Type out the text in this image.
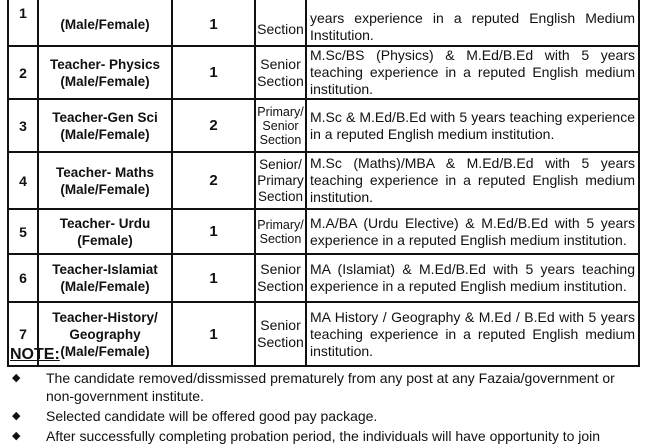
1	(Male/Female)	1	Section	years experience in a reputed English Medium Institution.
2	Teacher- Physics (Male/Female)	1	Senior Section	M.Sc/BS (Physics) & M.Ed/B.Ed with 5 years teaching experience in a reputed English medium institution.
3	Teacher-Gen Sci (Male/Female)	2	Primary/ Senior Section	M.Sc & M.Ed/B.Ed with 5 years teaching experience in a reputed English medium institution.
4	Teacher- Maths (Male/Female)	2	Senior/ Primary Section	M.Sc (Maths)/MBA & M.Ed/B.Ed with 5 years teaching experience in a reputed English medium institution.
5	Teacher- Urdu (Female)	1	Primary/ Section	M.A/BA (Urdu Elective) & M.Ed/B.Ed with 5 years experience in a reputed English medium institution.
6	Teacher-Islamiat (Male/Female)	1	Senior Section	MA (Islamiat) & M.Ed/B.Ed with 5 years teaching experience in a reputed English medium institution.
7	Teacher-History/ Geography (Male/Female)	1	Senior Section	MA History / Geography & M.Ed / B.Ed with 5 years teaching experience in a reputed English medium institution.
NOTE:
◆ The candidate removed/dissmissed prematurely from any post at any Fazaia/government or non-government institute.
◆ Selected candidate will be offered good pay package.
◆ After successfully completing probation period, the individuals will have opportunity to join
